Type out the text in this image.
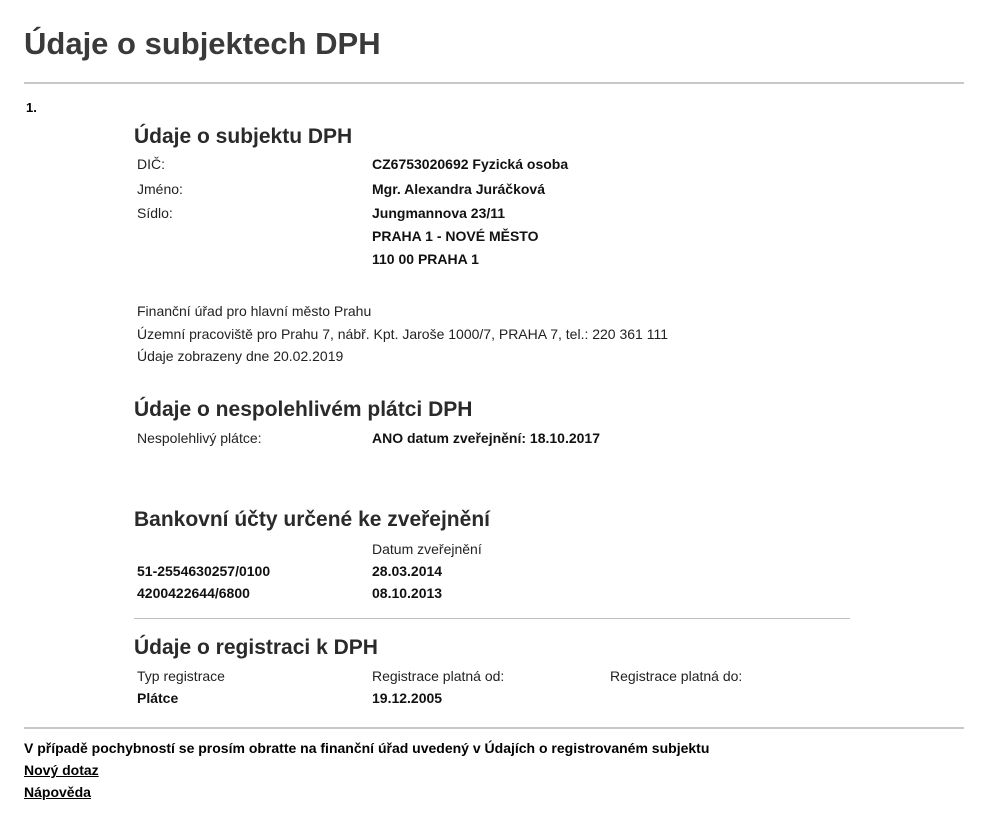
Údaje o subjektech DPH
1.
Údaje o subjektu DPH
DIČ:	CZ6753020692 Fyzická osoba
Jméno:	Mgr. Alexandra Juráčková
Sídlo:	Jungmannova 23/11
PRAHA 1 - NOVÉ MĚSTO
110 00 PRAHA 1
Finanční úřad pro hlavní město Prahu
Územní pracoviště pro Prahu 7, nábř. Kpt. Jaroše 1000/7, PRAHA 7, tel.: 220 361 111
Údaje zobrazeny dne 20.02.2019
Údaje o nespolehlivém plátci DPH
Nespolehlivý plátce:	ANO datum zveřejnění: 18.10.2017
Bankovní účty určené ke zveřejnění
Datum zveřejnění
51-2554630257/0100	28.03.2014
4200422644/6800	08.10.2013
Údaje o registraci k DPH
Typ registrace	Registrace platná od:	Registrace platná do:
Plátce	19.12.2005
V případě pochybností se prosím obratte na finanční úřad uvedený v Údajích o registrovaném subjektu
Nový dotaz
Nápověda
